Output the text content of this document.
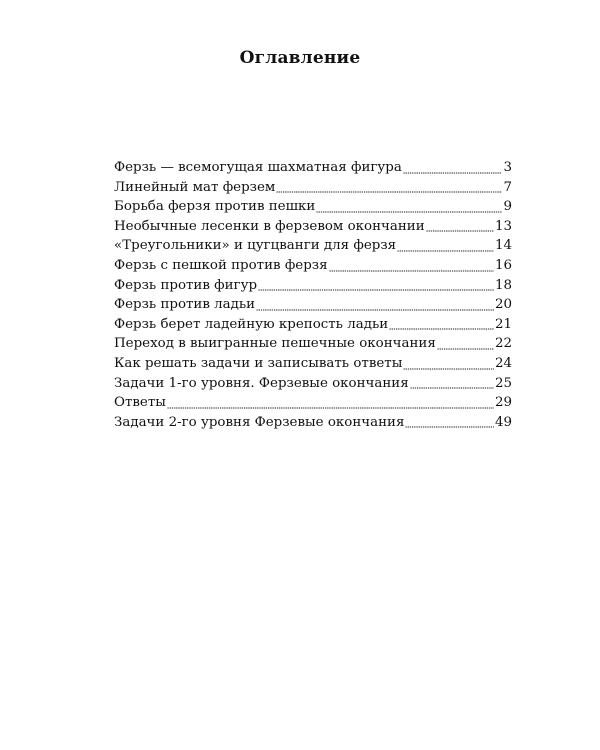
Оглавление
Ферзь — всемогущая шахматная фигура	3
Линейный мат ферзем	7
Борьба ферзя против пешки	9
Необычные лесенки в ферзевом окончании	13
«Треугольники» и цугцванги для ферзя	14
Ферзь с пешкой против ферзя	16
Ферзь против фигур	18
Ферзь против ладьи	20
Ферзь берет ладейную крепость ладьи	21
Переход в выигранные пешечные окончания	22
Как решать задачи и записывать ответы	24
Задачи 1-го уровня. Ферзевые окончания	25
Ответы	29
Задачи 2-го уровня Ферзевые окончания	49
